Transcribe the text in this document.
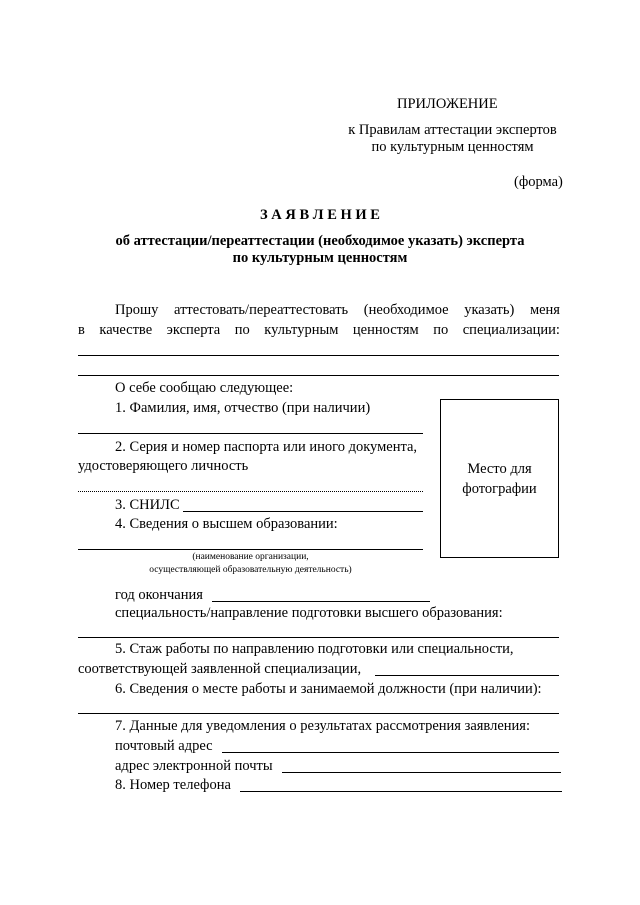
ПРИЛОЖЕНИЕ
к Правилам аттестации экспертов
по культурным ценностям
(форма)
З А Я В Л Е Н И Е
об аттестации/переаттестации (необходимое указать) эксперта
по культурным ценностям
Прошу аттестовать/переаттестовать (необходимое указать) меня
в качестве эксперта по культурным ценностям по специализации:
О себе сообщаю следующее:
1. Фамилия, имя, отчество (при наличии)
2. Серия и номер паспорта или иного документа,
удостоверяющего личность
3. СНИЛС
4. Сведения о высшем образовании:
(наименование организации,
осуществляющей образовательную деятельность)
Место для
фотографии
год окончания
специальность/направление подготовки высшего образования:
5. Стаж работы по направлению подготовки или специальности,
соответствующей заявленной специализации,
6. Сведения о месте работы и занимаемой должности (при наличии):
7. Данные для уведомления о результатах рассмотрения заявления:
почтовый адрес
адрес электронной почты
8. Номер телефона
